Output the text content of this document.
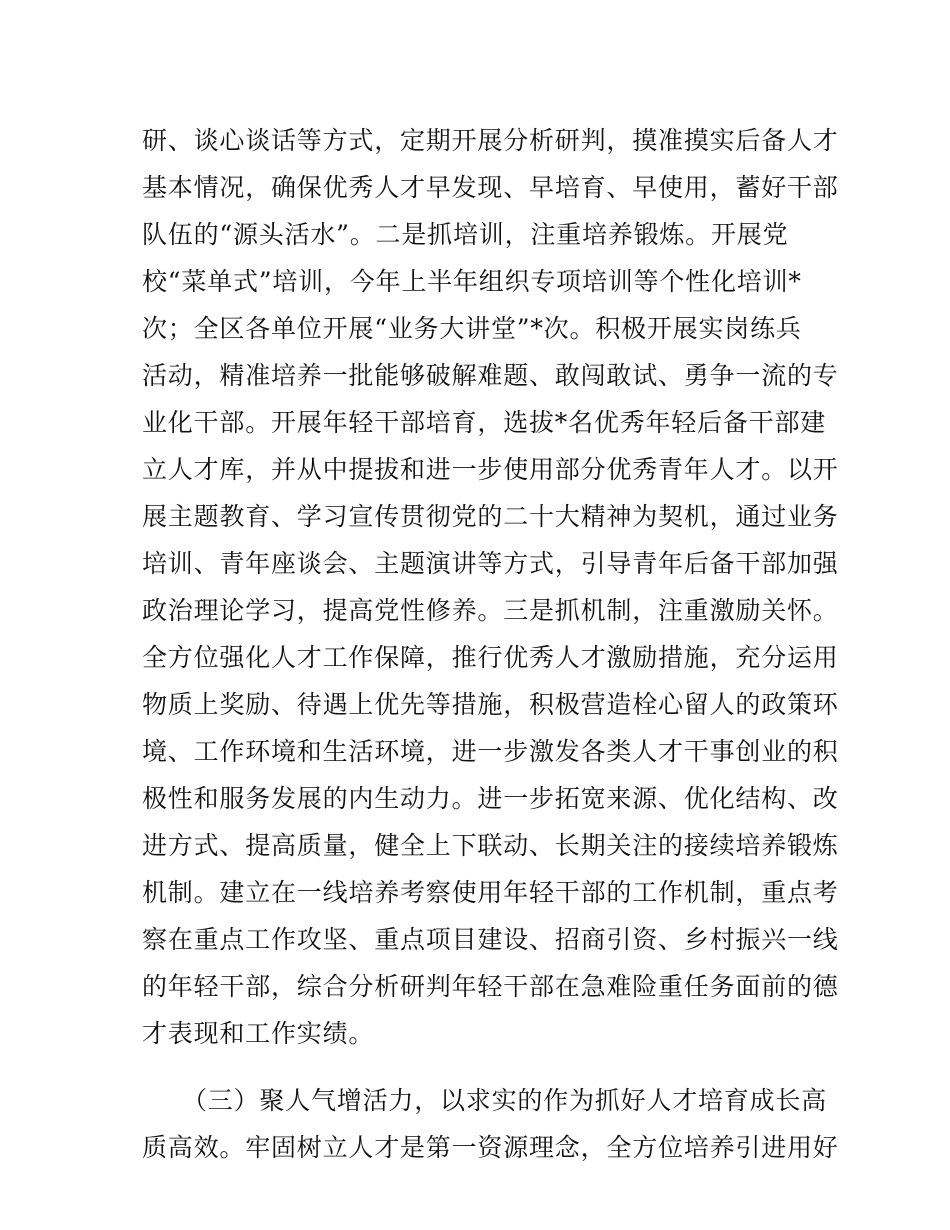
研、谈心谈话等方式，定期开展分析研判，摸准摸实后备人才
基本情况，确保优秀人才早发现、早培育、早使用，蓄好干部
队伍的“源头活水”。二是抓培训，注重培养锻炼。开展党
校“菜单式”培训，今年上半年组织专项培训等个性化培训*
次；全区各单位开展“业务大讲堂”*次。积极开展实岗练兵
活动，精准培养一批能够破解难题、敢闯敢试、勇争一流的专
业化干部。开展年轻干部培育，选拔*名优秀年轻后备干部建
立人才库，并从中提拔和进一步使用部分优秀青年人才。以开
展主题教育、学习宣传贯彻党的二十大精神为契机，通过业务
培训、青年座谈会、主题演讲等方式，引导青年后备干部加强
政治理论学习，提高党性修养。三是抓机制，注重激励关怀。
全方位强化人才工作保障，推行优秀人才激励措施，充分运用
物质上奖励、待遇上优先等措施，积极营造栓心留人的政策环
境、工作环境和生活环境，进一步激发各类人才干事创业的积
极性和服务发展的内生动力。进一步拓宽来源、优化结构、改
进方式、提高质量，健全上下联动、长期关注的接续培养锻炼
机制。建立在一线培养考察使用年轻干部的工作机制，重点考
察在重点工作攻坚、重点项目建设、招商引资、乡村振兴一线
的年轻干部，综合分析研判年轻干部在急难险重任务面前的德
才表现和工作实绩。
（三）聚人气增活力，以求实的作为抓好人才培育成长高
质高效。牢固树立人才是第一资源理念，全方位培养引进用好
